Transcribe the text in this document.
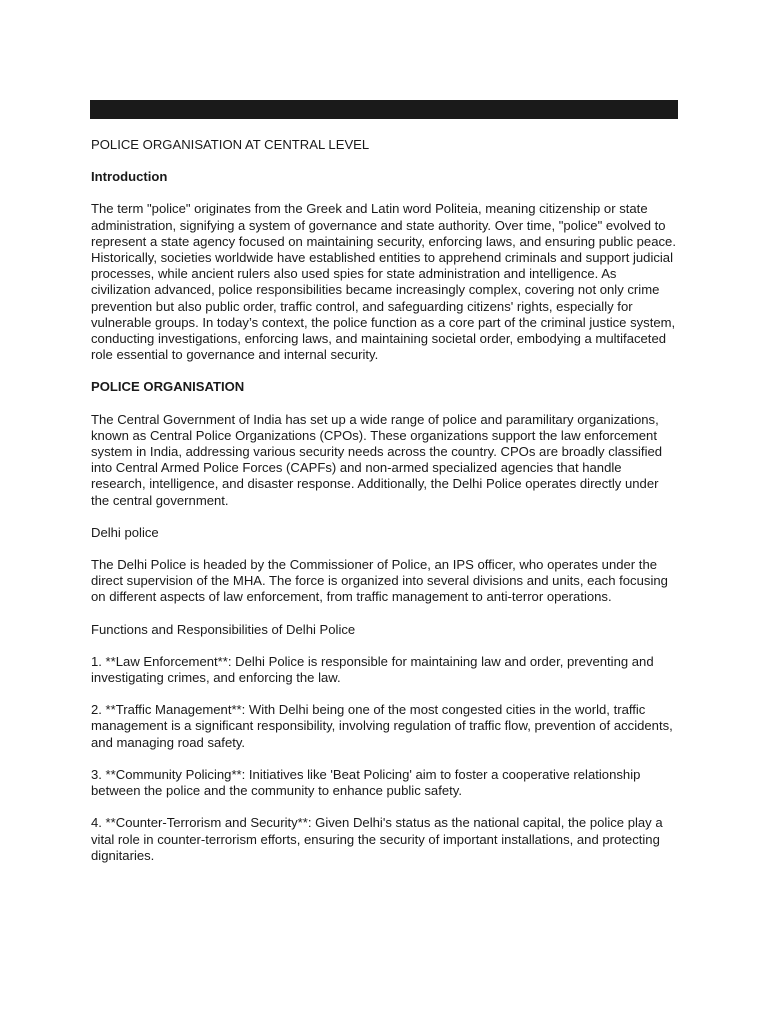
POLICE ORGANISATION AT CENTRAL LEVEL

Introduction

The term "police" originates from the Greek and Latin word Politeia, meaning citizenship or state administration, signifying a system of governance and state authority. Over time, "police" evolved to represent a state agency focused on maintaining security, enforcing laws, and ensuring public peace. Historically, societies worldwide have established entities to apprehend criminals and support judicial processes, while ancient rulers also used spies for state administration and intelligence. As civilization advanced, police responsibilities became increasingly complex, covering not only crime prevention but also public order, traffic control, and safeguarding citizens' rights, especially for vulnerable groups. In today’s context, the police function as a core part of the criminal justice system, conducting investigations, enforcing laws, and maintaining societal order, embodying a multifaceted role essential to governance and internal security.

POLICE ORGANISATION

The Central Government of India has set up a wide range of police and paramilitary organizations, known as Central Police Organizations (CPOs). These organizations support the law enforcement system in India, addressing various security needs across the country. CPOs are broadly classified into Central Armed Police Forces (CAPFs) and non-armed specialized agencies that handle research, intelligence, and disaster response. Additionally, the Delhi Police operates directly under the central government.

Delhi police

The Delhi Police is headed by the Commissioner of Police, an IPS officer, who operates under the direct supervision of the MHA. The force is organized into several divisions and units, each focusing on different aspects of law enforcement, from traffic management to anti-terror operations.

Functions and Responsibilities of Delhi Police

1. **Law Enforcement**: Delhi Police is responsible for maintaining law and order, preventing and investigating crimes, and enforcing the law.

2. **Traffic Management**: With Delhi being one of the most congested cities in the world, traffic management is a significant responsibility, involving regulation of traffic flow, prevention of accidents, and managing road safety.

3. **Community Policing**: Initiatives like 'Beat Policing' aim to foster a cooperative relationship between the police and the community to enhance public safety.

4. **Counter-Terrorism and Security**: Given Delhi's status as the national capital, the police play a vital role in counter-terrorism efforts, ensuring the security of important installations, and protecting dignitaries.
